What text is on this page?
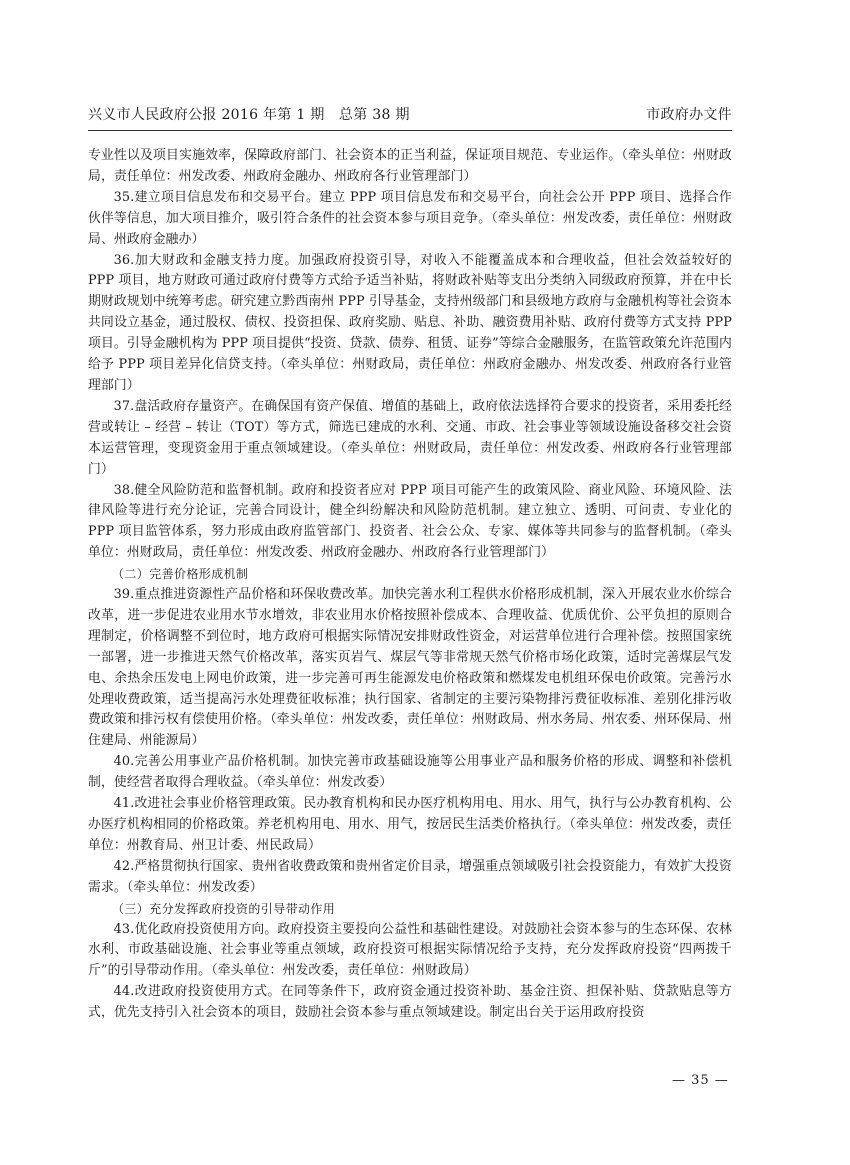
兴义市人民政府公报 2016 年第 1 期　总第 38 期	市政府办文件

专业性以及项目实施效率，保障政府部门、社会资本的正当利益，保证项目规范、专业运作。（牵头单位：州财政局，责任单位：州发改委、州政府金融办、州政府各行业管理部门）

35.建立项目信息发布和交易平台。建立 PPP 项目信息发布和交易平台，向社会公开 PPP 项目、选择合作伙伴等信息，加大项目推介，吸引符合条件的社会资本参与项目竞争。（牵头单位：州发改委，责任单位：州财政局、州政府金融办）

36.加大财政和金融支持力度。加强政府投资引导，对收入不能覆盖成本和合理收益，但社会效益较好的 PPP 项目，地方财政可通过政府付费等方式给予适当补贴，将财政补贴等支出分类纳入同级政府预算，并在中长期财政规划中统筹考虑。研究建立黔西南州 PPP 引导基金，支持州级部门和县级地方政府与金融机构等社会资本共同设立基金，通过股权、债权、投资担保、政府奖励、贴息、补助、融资费用补贴、政府付费等方式支持 PPP 项目。引导金融机构为 PPP 项目提供“投资、贷款、债券、租赁、证券”等综合金融服务，在监管政策允许范围内给予 PPP 项目差异化信贷支持。（牵头单位：州财政局，责任单位：州政府金融办、州发改委、州政府各行业管理部门）

37.盘活政府存量资产。在确保国有资产保值、增值的基础上，政府依法选择符合要求的投资者，采用委托经营或转让 – 经营 – 转让（TOT）等方式，筛选已建成的水利、交通、市政、社会事业等领域设施设备移交社会资本运营管理，变现资金用于重点领域建设。（牵头单位：州财政局，责任单位：州发改委、州政府各行业管理部门）

38.健全风险防范和监督机制。政府和投资者应对 PPP 项目可能产生的政策风险、商业风险、环境风险、法律风险等进行充分论证，完善合同设计，健全纠纷解决和风险防范机制。建立独立、透明、可问责、专业化的 PPP 项目监管体系，努力形成由政府监管部门、投资者、社会公众、专家、媒体等共同参与的监督机制。（牵头单位：州财政局，责任单位：州发改委、州政府金融办、州政府各行业管理部门）

（二）完善价格形成机制

39.重点推进资源性产品价格和环保收费改革。加快完善水利工程供水价格形成机制，深入开展农业水价综合改革，进一步促进农业用水节水增效，非农业用水价格按照补偿成本、合理收益、优质优价、公平负担的原则合理制定，价格调整不到位时，地方政府可根据实际情况安排财政性资金，对运营单位进行合理补偿。按照国家统一部署，进一步推进天然气价格改革，落实页岩气、煤层气等非常规天然气价格市场化政策，适时完善煤层气发电、余热余压发电上网电价政策，进一步完善可再生能源发电价格政策和燃煤发电机组环保电价政策。完善污水处理收费政策，适当提高污水处理费征收标准；执行国家、省制定的主要污染物排污费征收标准、差别化排污收费政策和排污权有偿使用价格。（牵头单位：州发改委，责任单位：州财政局、州水务局、州农委、州环保局、州住建局、州能源局）

40.完善公用事业产品价格机制。加快完善市政基础设施等公用事业产品和服务价格的形成、调整和补偿机制，使经营者取得合理收益。（牵头单位：州发改委）

41.改进社会事业价格管理政策。民办教育机构和民办医疗机构用电、用水、用气，执行与公办教育机构、公办医疗机构相同的价格政策。养老机构用电、用水、用气，按居民生活类价格执行。（牵头单位：州发改委，责任单位：州教育局、州卫计委、州民政局）

42.严格贯彻执行国家、贵州省收费政策和贵州省定价目录，增强重点领域吸引社会投资能力，有效扩大投资需求。（牵头单位：州发改委）

（三）充分发挥政府投资的引导带动作用

43.优化政府投资使用方向。政府投资主要投向公益性和基础性建设。对鼓励社会资本参与的生态环保、农林水利、市政基础设施、社会事业等重点领域，政府投资可根据实际情况给予支持，充分发挥政府投资“四两拨千斤”的引导带动作用。（牵头单位：州发改委，责任单位：州财政局）

44.改进政府投资使用方式。在同等条件下，政府资金通过投资补助、基金注资、担保补贴、贷款贴息等方式，优先支持引入社会资本的项目，鼓励社会资本参与重点领域建设。制定出台关于运用政府投资

— 35 —
